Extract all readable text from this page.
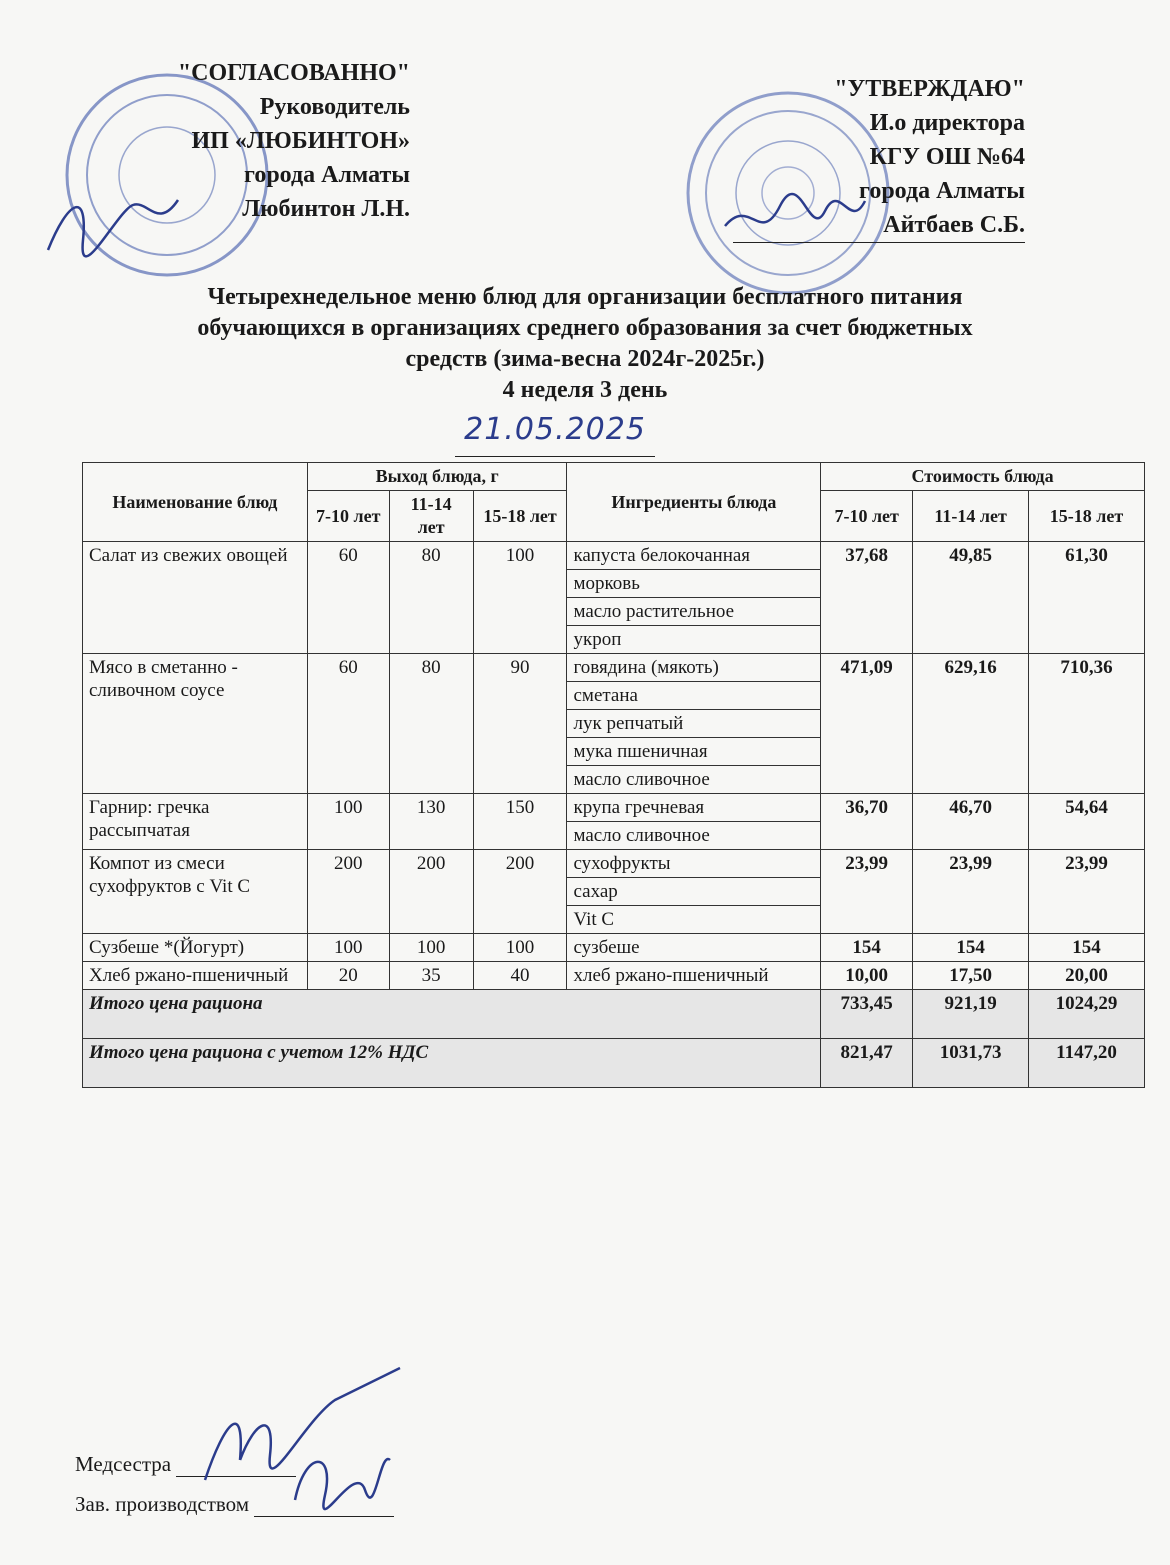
"СОГЛАСОВАННО"
Руководитель
ИП «ЛЮБИНТОН»
города Алматы
Любинтон Л.Н.
"УТВЕРЖДАЮ"
И.о директора
КГУ ОШ №64
города Алматы
Айтбаев С.Б.
Четырехнедельное меню блюд для организации бесплатного питания
обучающихся в организациях среднего образования за счет бюджетных
средств (зима-весна 2024г-2025г.)
4 неделя 3 день
21.05.2025
Наименование блюд	Выход блюда, г			Ингредиенты блюда	Стоимость блюда		
	7-10 лет	11-14 лет	15-18 лет		7-10 лет	11-14 лет	15-18 лет
Салат из свежих овощей	60	80	100	капуста белокочанная	37,68	49,85	61,30
				морковь			
				масло растительное			
				укроп			
Мясо в сметанно - сливочном соусе	60	80	90	говядина (мякоть)	471,09	629,16	710,36
				сметана			
				лук репчатый			
				мука пшеничная			
				масло сливочное			
Гарнир: гречка рассыпчатая	100	130	150	крупа гречневая	36,70	46,70	54,64
				масло сливочное			
Компот из смеси сухофруктов с Vit C	200	200	200	сухофрукты	23,99	23,99	23,99
				сахар			
				Vit C			
Сузбеше *(Йогурт)	100	100	100	сузбеше	154	154	154
Хлеб ржано-пшеничный	20	35	40	хлеб ржано-пшеничный	10,00	17,50	20,00
Итого цена рациона					733,45	921,19	1024,29
Итого цена рациона с учетом 12% НДС					821,47	1031,73	1147,20
Медсестра
Зав. производством
